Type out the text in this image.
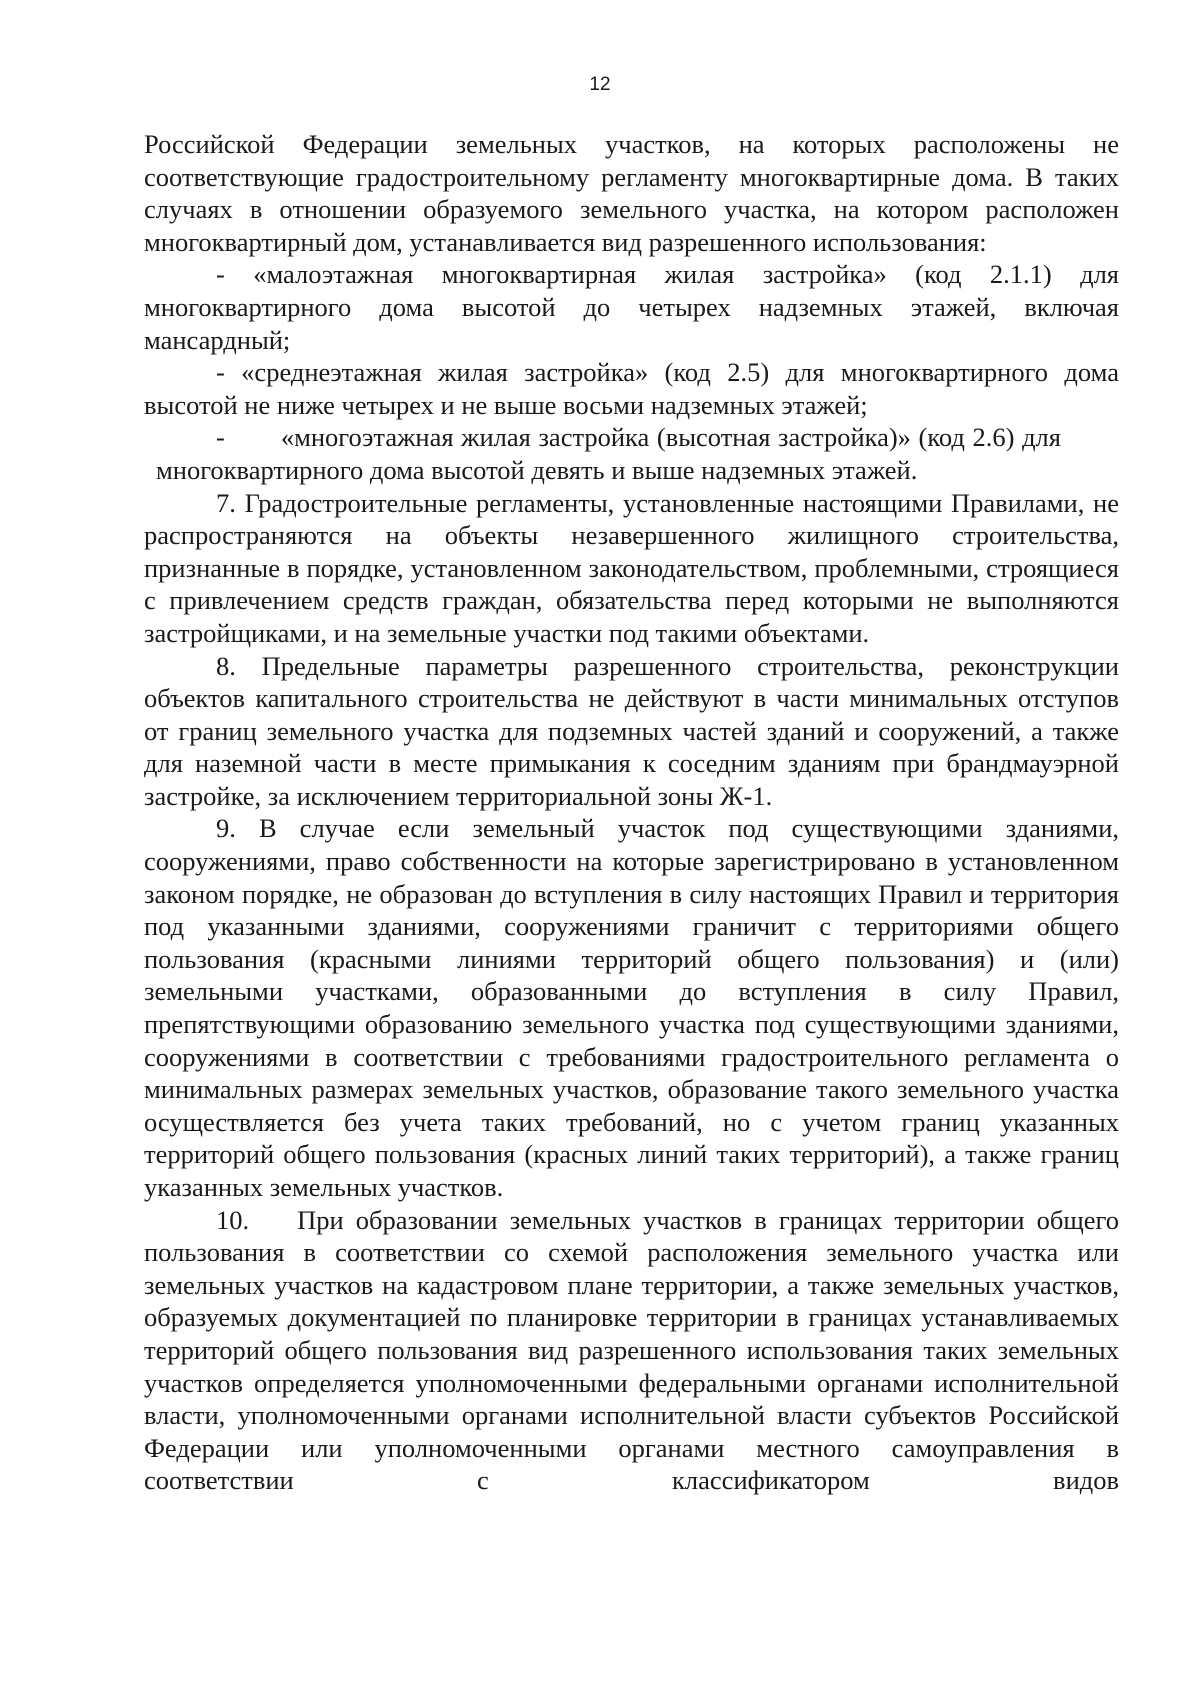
12

Российской Федерации земельных участков, на которых расположены не соответствующие градостроительному регламенту многоквартирные дома. В таких случаях в отношении образуемого земельного участка, на котором расположен многоквартирный дом, устанавливается вид разрешенного использования:

- «малоэтажная многоквартирная жилая застройка» (код 2.1.1) для многоквартирного дома высотой до четырех надземных этажей, включая мансардный;

- «среднеэтажная жилая застройка» (код 2.5) для многоквартирного дома высотой не ниже четырех и не выше восьми надземных этажей;

- «многоэтажная жилая застройка (высотная застройка)» (код 2.6) для

многоквартирного дома высотой девять и выше надземных этажей.

7. Градостроительные регламенты, установленные настоящими Правилами, не распространяются на объекты незавершенного жилищного строительства, признанные в порядке, установленном законодательством, проблемными, строящиеся с привлечением средств граждан, обязательства перед которыми не выполняются застройщиками, и на земельные участки под такими объектами.

8. Предельные параметры разрешенного строительства, реконструкции объектов капитального строительства не действуют в части минимальных отступов от границ земельного участка для подземных частей зданий и сооружений, а также для наземной части в месте примыкания к соседним зданиям при брандмауэрной застройке, за исключением территориальной зоны Ж-1.

9. В случае если земельный участок под существующими зданиями, сооружениями, право собственности на которые зарегистрировано в установленном законом порядке, не образован до вступления в силу настоящих Правил и территория под указанными зданиями, сооружениями граничит с территориями общего пользования (красными линиями территорий общего пользования) и (или) земельными участками, образованными до вступления в силу Правил, препятствующими образованию земельного участка под существующими зданиями, сооружениями в соответствии с требованиями градостроительного регламента о минимальных размерах земельных участков, образование такого земельного участка осуществляется без учета таких требований, но с учетом границ указанных территорий общего пользования (красных линий таких территорий), а также границ указанных земельных участков.

10. При образовании земельных участков в границах территории общего пользования в соответствии со схемой расположения земельного участка или земельных участков на кадастровом плане территории, а также земельных участков, образуемых документацией по планировке территории в границах устанавливаемых территорий общего пользования вид разрешенного использования таких земельных участков определяется уполномоченными федеральными органами исполнительной власти, уполномоченными органами исполнительной власти субъектов Российской Федерации или уполномоченными органами местного самоуправления в соответствии с классификатором видов
